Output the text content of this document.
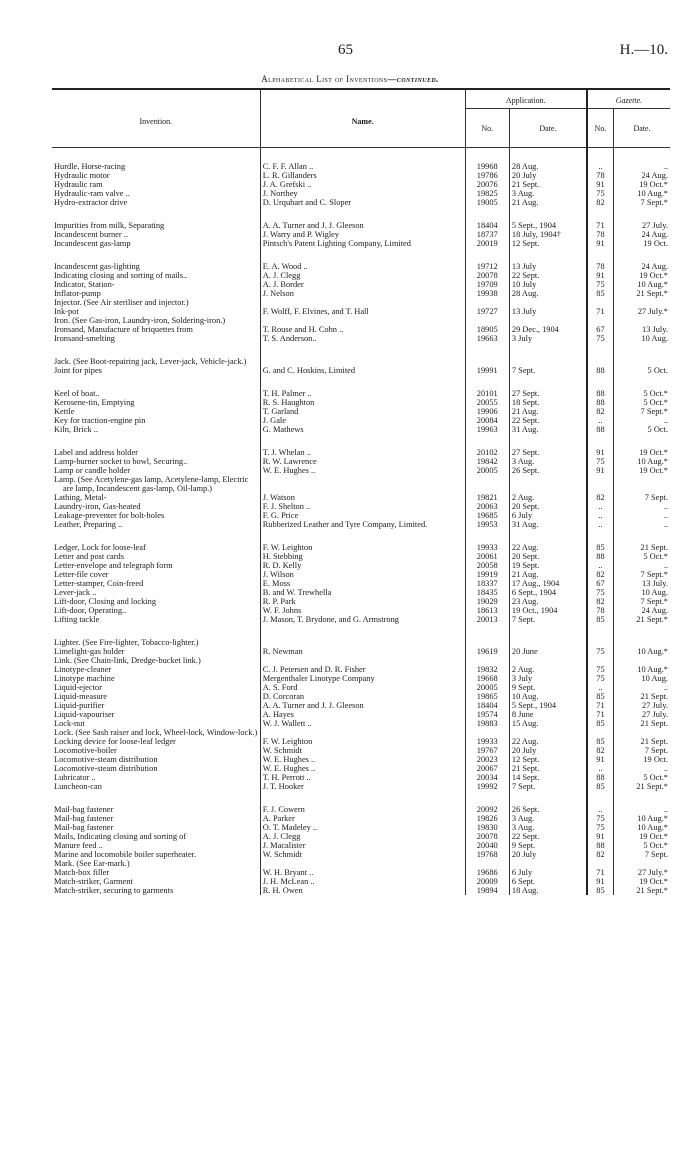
65	H.—10.
Alphabetical List of Inventions—continued.
Invention.	Name.	Application.		Gazette.	
		No.	Date.	No.	Date.

Hurdle, Horse-racing	C. F. F. Allan ..	19968	28 Aug.	..	..
Hydraulic motor	L. R. Gillanders	19786	20 July	78	24 Aug.
Hydraulic ram	J. A. Grefski ..	20076	21 Sept.	91	19 Oct.*
Hydraulic-ram valve ..	J. Northey	19825	3 Aug.	75	10 Aug.*
Hydro-extractor drive	D. Urquhart and C. Sloper	19005	21 Aug.	82	7 Sept.*

Impurities from milk, Separating	A. A. Turner and J. J. Gleeson	18404	5 Sept., 1904	71	27 July.
Incandescent burner ..	J. Warry and P. Wigley	18737	18 July, 1904†	78	24 Aug.
Incandescent gas-lamp	Pintsch's Patent Lighting Company, Limited	20019	12 Sept.	91	19 Oct.

Incandescent gas-lighting	E. A. Wood ..	19712	13 July	78	24 Aug.
Indicating closing and sorting of mails..	A. J. Clegg	20078	22 Sept.	91	19 Oct.*
Indicator, Station-	A. J. Border	19709	10 July	75	10 Aug.*
Inflator-pump	J. Nelson	19938	28 Aug.	85	21 Sept.*
Injector. (See Air steriliser and injector.)					
Ink-pot	F. Wolff, F. Elvines, and T. Hall	19727	13 July	71	27 July.*
Iron. (See Gas-iron, Laundry-iron, Soldering-iron.)					
Ironsand, Manufacture of briquettes from	T. Rouse and H. Cohn ..	18905	29 Dec., 1904	67	13 July.
Ironsand-smelting	T. S. Anderson..	19663	3 July	75	10 Aug.

Jack. (See Boot-repairing jack, Lever-jack, Vehicle-jack.)					
Joint for pipes	G. and C. Hoskins, Limited	19991	7 Sept.	88	5 Oct.

Keel of boat..	T. H. Palmer ..	20101	27 Sept.	88	5 Oct.*
Kerosene-tin, Emptying	R. S. Haughton	20055	18 Sept.	88	5 Oct.*
Kettle	T. Garland	19906	21 Aug.	82	7 Sept.*
Key for traction-engine pin	J. Gale	20084	22 Sept.	..	..
Kiln, Brick ..	G. Mathews	19963	31 Aug.	88	5 Oct.

Label and address holder	T. J. Whelan ..	20102	27 Sept.	91	19 Oct.*
Lamp-burner socket to bowl, Securing..	R. W. Lawrence	19842	3 Aug.	75	10 Aug.*
Lamp or candle holder	W. E. Hughes ..	20005	26 Sept.	91	19 Oct.*
Lamp. (See Acetylene-gas lamp, Acetylene-lamp, Electric are lamp, Incandescent gas-lamp, Oil-lamp.)					
Lathing, Metal-	J. Watson	19821	2 Aug.	82	7 Sept.
Laundry-iron, Gas-heated	F. J. Shelton ..	20063	20 Sept.	..	..
Leakage-preventer for bolt-holes	F. G. Price	19685	6 July	..	..
Leather, Preparing ..	Rubberized Leather and Tyre Company, Limited.	19953	31 Aug.	..	..

Ledger, Lock for loose-leaf	F. W. Leighton	19933	22 Aug.	85	21 Sept.
Letter and post cards	H. Stebbing	20061	20 Sept.	88	5 Oct.*
Letter-envelope and telegraph form	R. D. Kelly	20058	19 Sept.	..	..
Letter-file cover	J. Wilson	19919	21 Aug.	82	7 Sept.*
Letter-stamper, Coin-freed	E. Moss	18337	17 Aug., 1904	67	13 July.
Lever-jack ..	B. and W. Trewhella	18435	6 Sept., 1904	75	10 Aug.
Lift-door, Closing and locking	R. P. Park	19029	23 Aug.	82	7 Sept.*
Lift-door, Operating..	W. F. Johns	18613	19 Oct., 1904	78	24 Aug.
Lifting tackle	J. Mason, T. Brydone, and G. Armstrong	20013	7 Sept.	85	21 Sept.*

Lighter. (See Fire-lighter, Tobacco-lighter.)					
Limelight-gas holder	R. Newman	19619	20 June	75	10 Aug.*
Link. (See Chain-link, Dredge-bucket link.)					
Linotype-cleaner	C. J. Petersen and D. R. Fisher	19832	2 Aug.	75	10 Aug.*
Linotype machine	Mergenthaler Linotype Company	19668	3 July	75	10 Aug.
Liquid-ejector	A. S. Ford	20005	9 Sept.	..	..
Liquid-measure	D. Corcoran	19865	10 Aug.	85	21 Sept.
Liquid-purifier	A. A. Turner and J. J. Gleeson	18404	5 Sept., 1904	71	27 July.
Liquid-vapouriser	A. Hayes	19574	8 June	71	27 July.
Lock-nut	W. J. Wallett ..	19883	15 Aug.	85	21 Sept.
Lock. (See Sash raiser and lock, Wheel-lock, Window-lock.)					
Locking device for loose-leaf ledger	F. W. Leighton	19933	22 Aug.	85	21 Sept.
Locomotive-boiler	W. Schmidt	19767	20 July	82	7 Sept.
Locomotive-steam distribution	W. E. Hughes ..	20023	12 Sept.	91	19 Oct.
Locomotive-steam distribution	W. E. Hughes ..	20067	21 Sept.	..	..
Lubricator ..	T. H. Perrott ..	20034	14 Sept.	88	5 Oct.*
Luncheon-can	J. T. Hooker	19992	7 Sept.	85	21 Sept.*

Mail-bag fastener	F. J. Cowern	20092	26 Sept.	..	..
Mail-bag fastener	A. Parker	19826	3 Aug.	75	10 Aug.*
Mail-bag fastener	O. T. Madeley ..	19830	3 Aug.	75	10 Aug.*
Mails, Indicating closing and sorting of	A. J. Clegg	20078	22 Sept.	91	19 Oct.*
Manure feed ..	J. Macalister	20040	9 Sept.	88	5 Oct.*
Marine and locomobile boiler superheater.	W. Schmidt	19768	20 July	82	7 Sept.
Mark. (See Ear-mark.)					
Match-box filler	W. H. Bryant ..	19686	6 July	71	27 July.*
Match-striker, Garment	J. H. McLean ..	20009	6 Sept.	91	19 Oct.*
Match-striker, securing to garments	R. H. Owen	19894	18 Aug.	85	21 Sept.*
